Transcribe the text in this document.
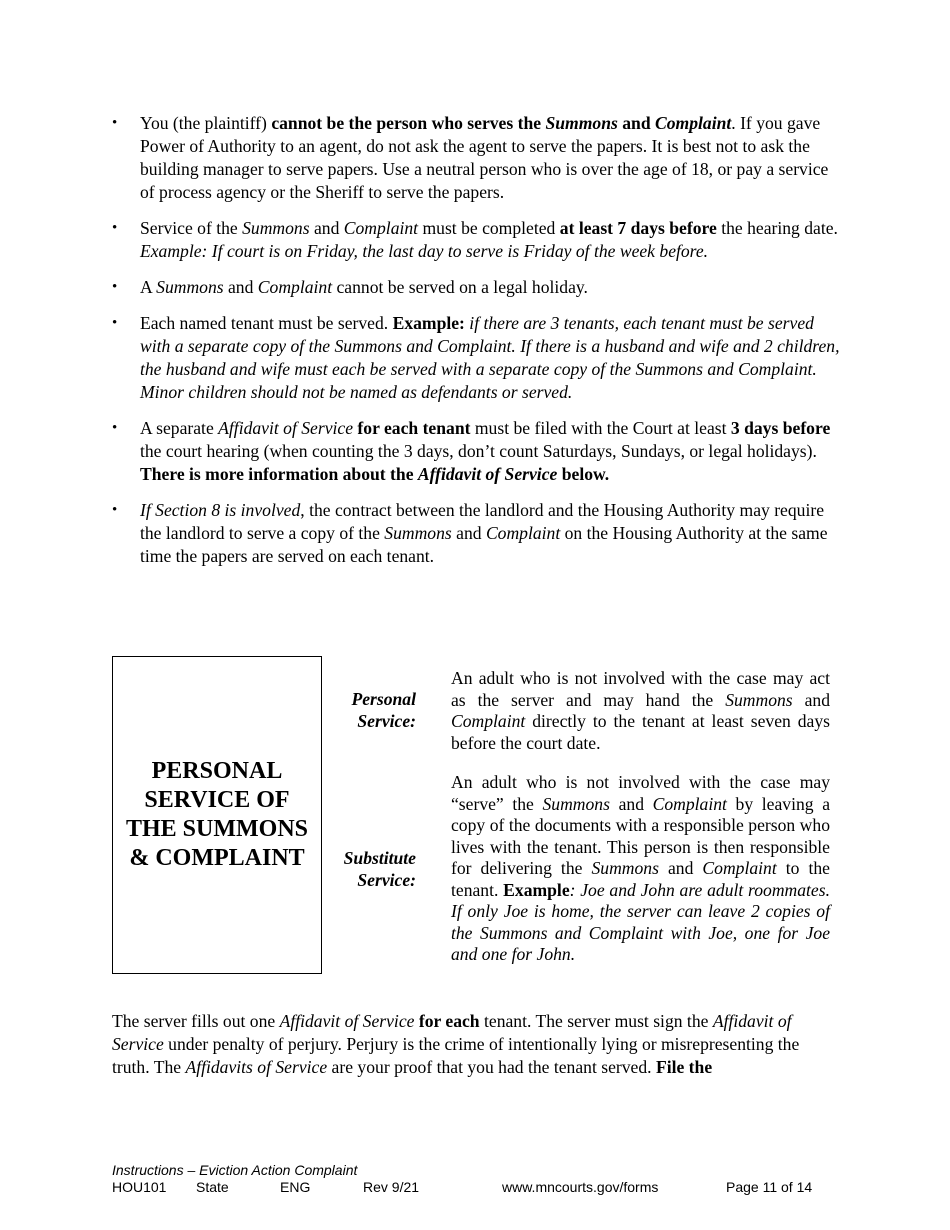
• You (the plaintiff) cannot be the person who serves the Summons and Complaint. If you gave Power of Authority to an agent, do not ask the agent to serve the papers. It is best not to ask the building manager to serve papers. Use a neutral person who is over the age of 18, or pay a service of process agency or the Sheriff to serve the papers.
• Service of the Summons and Complaint must be completed at least 7 days before the hearing date. Example: If court is on Friday, the last day to serve is Friday of the week before.
• A Summons and Complaint cannot be served on a legal holiday.
• Each named tenant must be served. Example: if there are 3 tenants, each tenant must be served with a separate copy of the Summons and Complaint. If there is a husband and wife and 2 children, the husband and wife must each be served with a separate copy of the Summons and Complaint. Minor children should not be named as defendants or served.
• A separate Affidavit of Service for each tenant must be filed with the Court at least 3 days before the court hearing (when counting the 3 days, don’t count Saturdays, Sundays, or legal holidays). There is more information about the Affidavit of Service below.
• If Section 8 is involved, the contract between the landlord and the Housing Authority may require the landlord to serve a copy of the Summons and Complaint on the Housing Authority at the same time the papers are served on each tenant.
PERSONAL
SERVICE OF
THE SUMMONS
& COMPLAINT
Personal
Service:

An adult who is not involved with the case may act as the server and may hand the Summons and Complaint directly to the tenant at least seven days before the court date.

Substitute
Service:

An adult who is not involved with the case may “serve” the Summons and Complaint by leaving a copy of the documents with a responsible person who lives with the tenant. This person is then responsible for delivering the Summons and Complaint to the tenant. Example: Joe and John are adult roommates. If only Joe is home, the server can leave 2 copies of the Summons and Complaint with Joe, one for Joe and one for John.

The server fills out one Affidavit of Service for each tenant. The server must sign the Affidavit of Service under penalty of perjury. Perjury is the crime of intentionally lying or misrepresenting the truth. The Affidavits of Service are your proof that you had the tenant served. File the

Instructions – Eviction Action Complaint
HOU101 State	ENG	Rev 9/21	www.mncourts.gov/forms	Page 11 of 14
